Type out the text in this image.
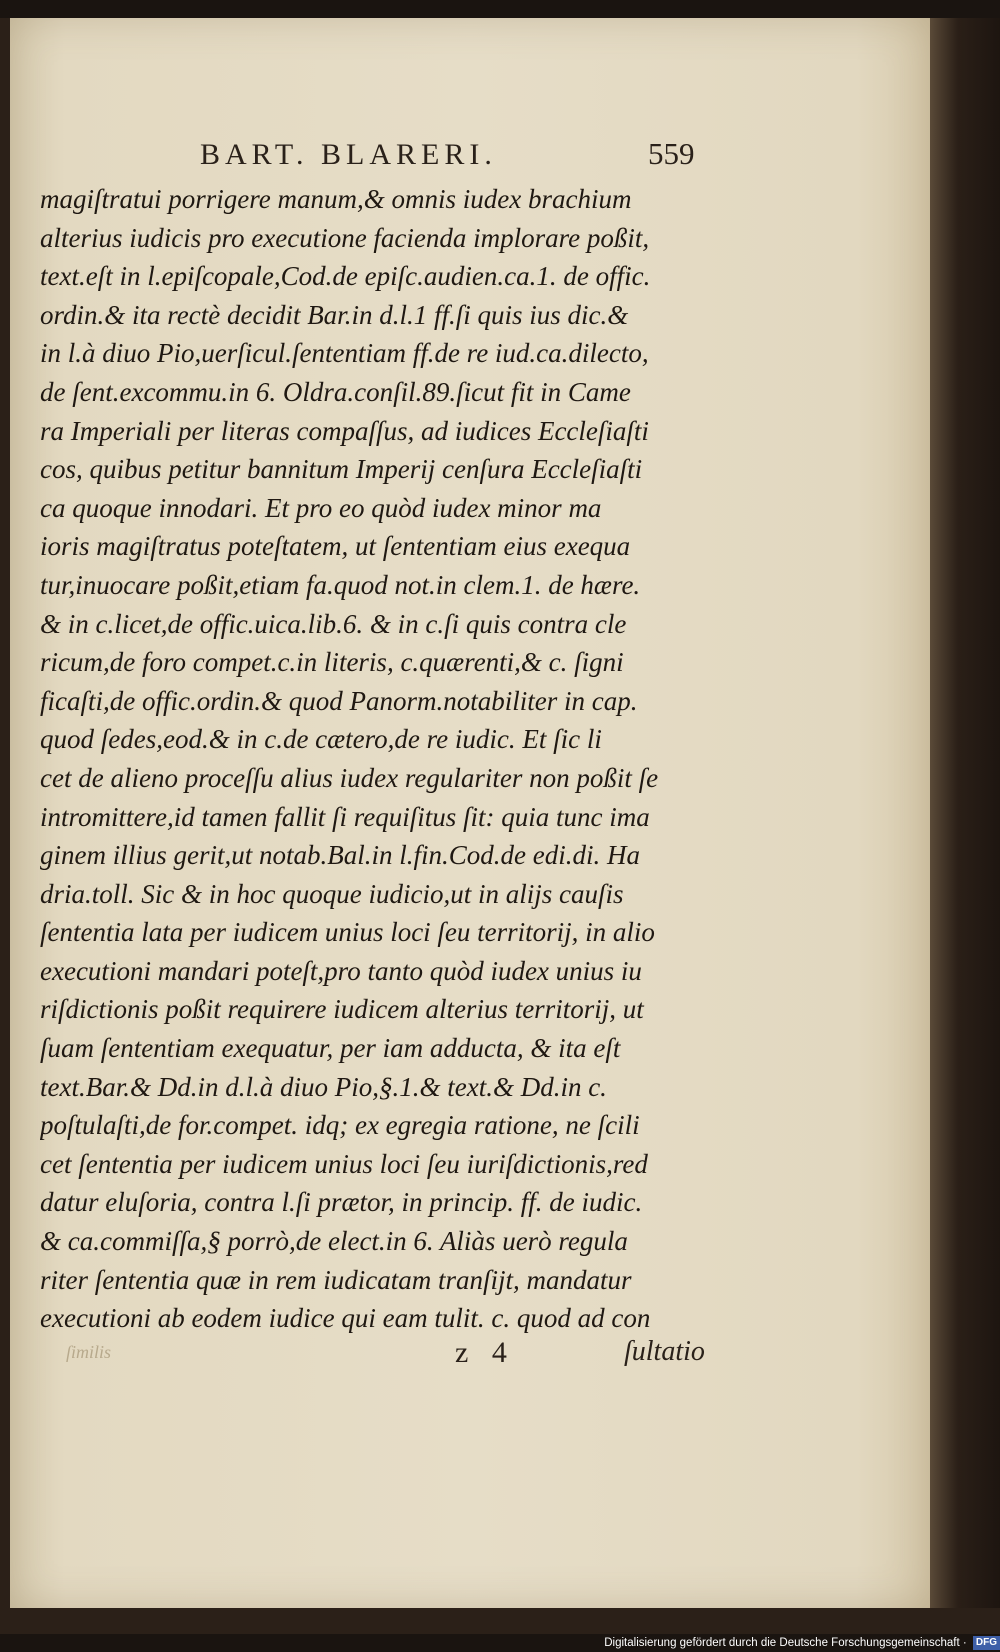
BART. BLARERI.	559
magiſtratui porrigere manum,& omnis iudex brachium
alterius iudicis pro executione facienda implorare poßit,
text.eſt in l.epiſcopale,Cod.de epiſc.audien.ca.1. de offic.
ordin.& ita rectè decidit Bar.in d.l.1 ff.ſi quis ius dic.&
in l.à diuo Pio,uerſicul.ſententiam ff.de re iud.ca.dilecto,
de ſent.excommu.in 6. Oldra.conſil.89.ſicut fit in Came
ra Imperiali per literas compaſſus, ad iudices Eccleſiaſti
cos, quibus petitur bannitum Imperij cenſura Eccleſiaſti
ca quoque innodari. Et pro eo quòd iudex minor ma
ioris magiſtratus poteſtatem, ut ſententiam eius exequa
tur,inuocare poßit,etiam fa.quod not.in clem.1. de hære.
& in c.licet,de offic.uica.lib.6. & in c.ſi quis contra cle
ricum,de foro compet.c.in literis, c.quærenti,& c. ſigni
ficaſti,de offic.ordin.& quod Panorm.notabiliter in cap.
quod ſedes,eod.& in c.de cætero,de re iudic. Et ſic li
cet de alieno proceſſu alius iudex regulariter non poßit ſe
intromittere,id tamen fallit ſi requiſitus ſit: quia tunc ima
ginem illius gerit,ut notab.Bal.in l.fin.Cod.de edi.di. Ha
dria.toll. Sic & in hoc quoque iudicio,ut in alijs cauſis
ſententia lata per iudicem unius loci ſeu territorij, in alio
executioni mandari poteſt,pro tanto quòd iudex unius iu
riſdictionis poßit requirere iudicem alterius territorij, ut
ſuam ſententiam exequatur, per iam adducta, & ita eſt
text.Bar.& Dd.in d.l.à diuo Pio,§.1.& text.& Dd.in c.
poſtulaſti,de for.compet. idq; ex egregia ratione, ne ſcili
cet ſententia per iudicem unius loci ſeu iuriſdictionis,red
datur eluſoria, contra l.ſi prætor, in princip. ff. de iudic.
& ca.commiſſa,§ porrò,de elect.in 6. Aliàs uerò regula
riter ſententia quæ in rem iudicatam tranſijt, mandatur
executioni ab eodem iudice qui eam tulit. c. quod ad con
ſimilis	z 4	ſultatio
Digitalisierung gefördert durch die Deutsche Forschungsgemeinschaft · DFG
